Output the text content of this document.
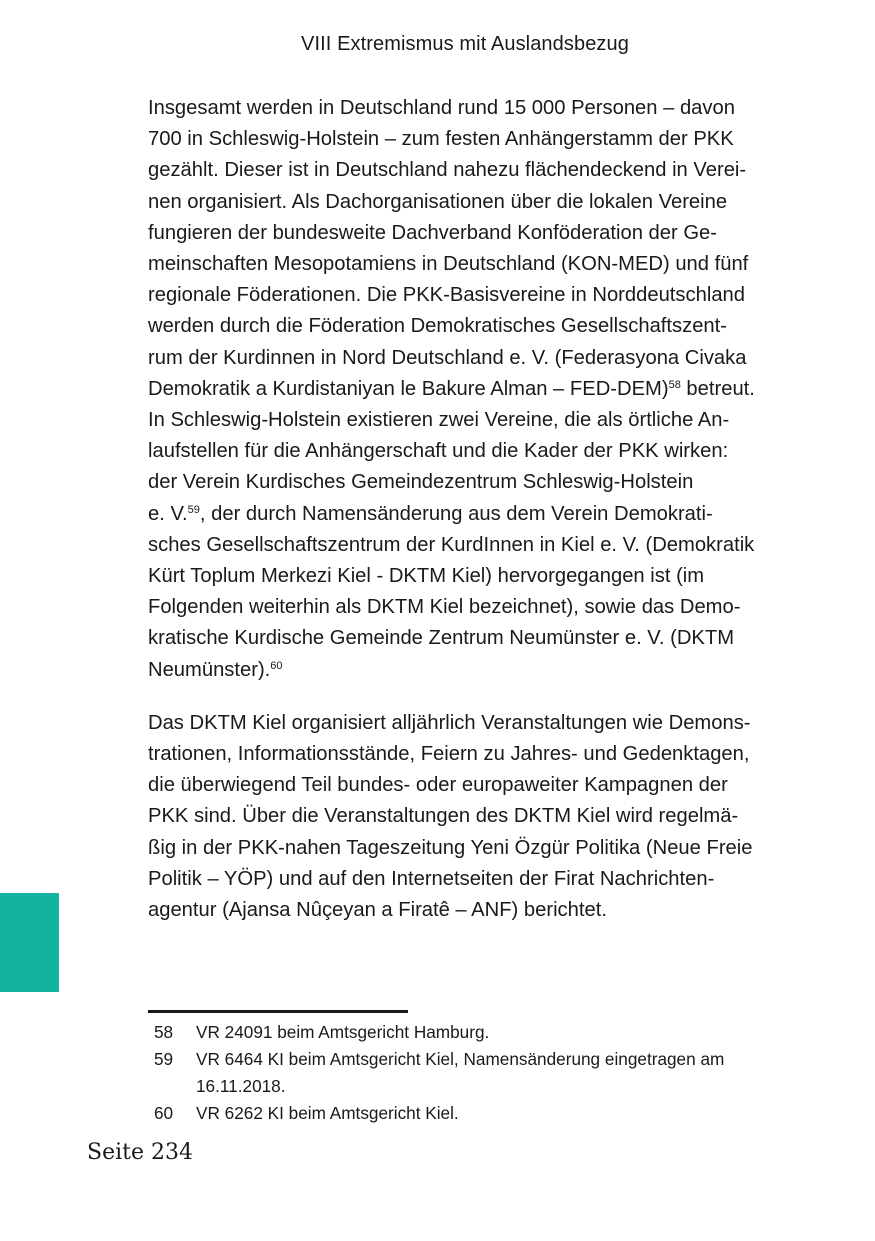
VIII Extremismus mit Auslandsbezug

Insgesamt werden in Deutschland rund 15 000 Personen – davon
700 in Schleswig-Holstein – zum festen Anhängerstamm der PKK
gezählt. Dieser ist in Deutschland nahezu flächendeckend in Verei-
nen organisiert. Als Dachorganisationen über die lokalen Vereine
fungieren der bundesweite Dachverband Konföderation der Ge-
meinschaften Mesopotamiens in Deutschland (KON-MED) und fünf
regionale Föderationen. Die PKK-Basisvereine in Norddeutschland
werden durch die Föderation Demokratisches Gesellschaftszent-
rum der Kurdinnen in Nord Deutschland e. V. (Federasyona Civaka
Demokratik a Kurdistaniyan le Bakure Alman – FED-DEM)$^{58}$ betreut.
In Schleswig-Holstein existieren zwei Vereine, die als örtliche An-
laufstellen für die Anhängerschaft und die Kader der PKK wirken:
der Verein Kurdisches Gemeindezentrum Schleswig-Holstein
e. V.$^{59}$, der durch Namensänderung aus dem Verein Demokrati-
sches Gesellschaftszentrum der KurdInnen in Kiel e. V. (Demokratik
Kürt Toplum Merkezi Kiel - DKTM Kiel) hervorgegangen ist (im
Folgenden weiterhin als DKTM Kiel bezeichnet), sowie das Demo-
kratische Kurdische Gemeinde Zentrum Neumünster e. V. (DKTM
Neumünster).$^{60}$

Das DKTM Kiel organisiert alljährlich Veranstaltungen wie Demons-
trationen, Informationsstände, Feiern zu Jahres- und Gedenktagen,
die überwiegend Teil bundes- oder europaweiter Kampagnen der
PKK sind. Über die Veranstaltungen des DKTM Kiel wird regelmä-
ßig in der PKK-nahen Tageszeitung Yeni Özgür Politika (Neue Freie
Politik – YÖP) und auf den Internetseiten der Firat Nachrichten-
agentur (Ajansa Nûçeyan a Firatê – ANF) berichtet.

58	VR 24091 beim Amtsgericht Hamburg.
59	VR 6464 KI beim Amtsgericht Kiel, Namensänderung eingetragen am
16.11.2018.
60	VR 6262 KI beim Amtsgericht Kiel.
Seite 234
